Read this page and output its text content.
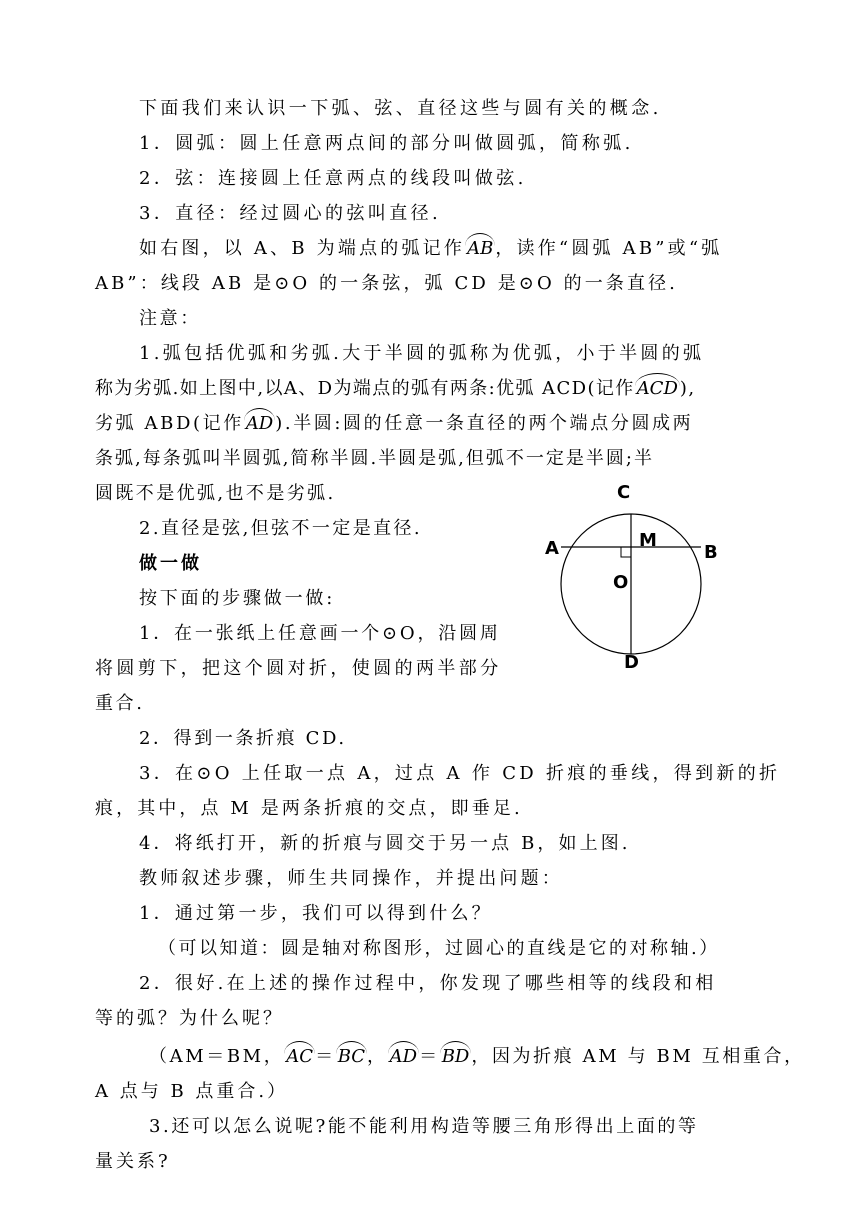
下面我们来认识一下弧、弦、直径这些与圆有关的概念.
1．圆弧：圆上任意两点间的部分叫做圆弧，简称弧.
2．弦：连接圆上任意两点的线段叫做弦.
3．直径：经过圆心的弦叫直径.
如右图，以 A、B 为端点的弧记作 AB ，读作“圆弧 AB”或“弧
AB”：线段 AB 是⊙O 的一条弦，弧 CD 是⊙O 的一条直径.
注意：
1.弧包括优弧和劣弧.大于半圆的弧称为优弧，小于半圆的弧
称为劣弧.如上图中,以A、D为端点的弧有两条:优弧 ACD(记作 ACD ),
劣弧 ABD(记作 AD ).半圆:圆的任意一条直径的两个端点分圆成两
条弧,每条弧叫半圆弧,简称半圆.半圆是弧,但弧不一定是半圆;半
圆既不是优弧,也不是劣弧.
2.直径是弦,但弦不一定是直径.
做一做
按下面的步骤做一做:
1．在一张纸上任意画一个⊙O，沿圆周
将圆剪下，把这个圆对折，使圆的两半部分
重合.
2．得到一条折痕 CD.
3．在⊙O 上任取一点 A，过点 A 作 CD 折痕的垂线，得到新的折
痕，其中，点 M 是两条折痕的交点，即垂足.
4．将纸打开，新的折痕与圆交于另一点 B，如上图.
教师叙述步骤，师生共同操作，并提出问题：
1．通过第一步，我们可以得到什么？
（可以知道：圆是轴对称图形，过圆心的直线是它的对称轴.）
2．很好.在上述的操作过程中，你发现了哪些相等的线段和相
等的弧？为什么呢？
（AM＝BM， AC ＝ BC ， AD ＝ BD ，因为折痕 AM 与 BM 互相重合，
A 点与 B 点重合.）
3.还可以怎么说呢?能不能利用构造等腰三角形得出上面的等
量关系?
C
M
A	B
O
D
